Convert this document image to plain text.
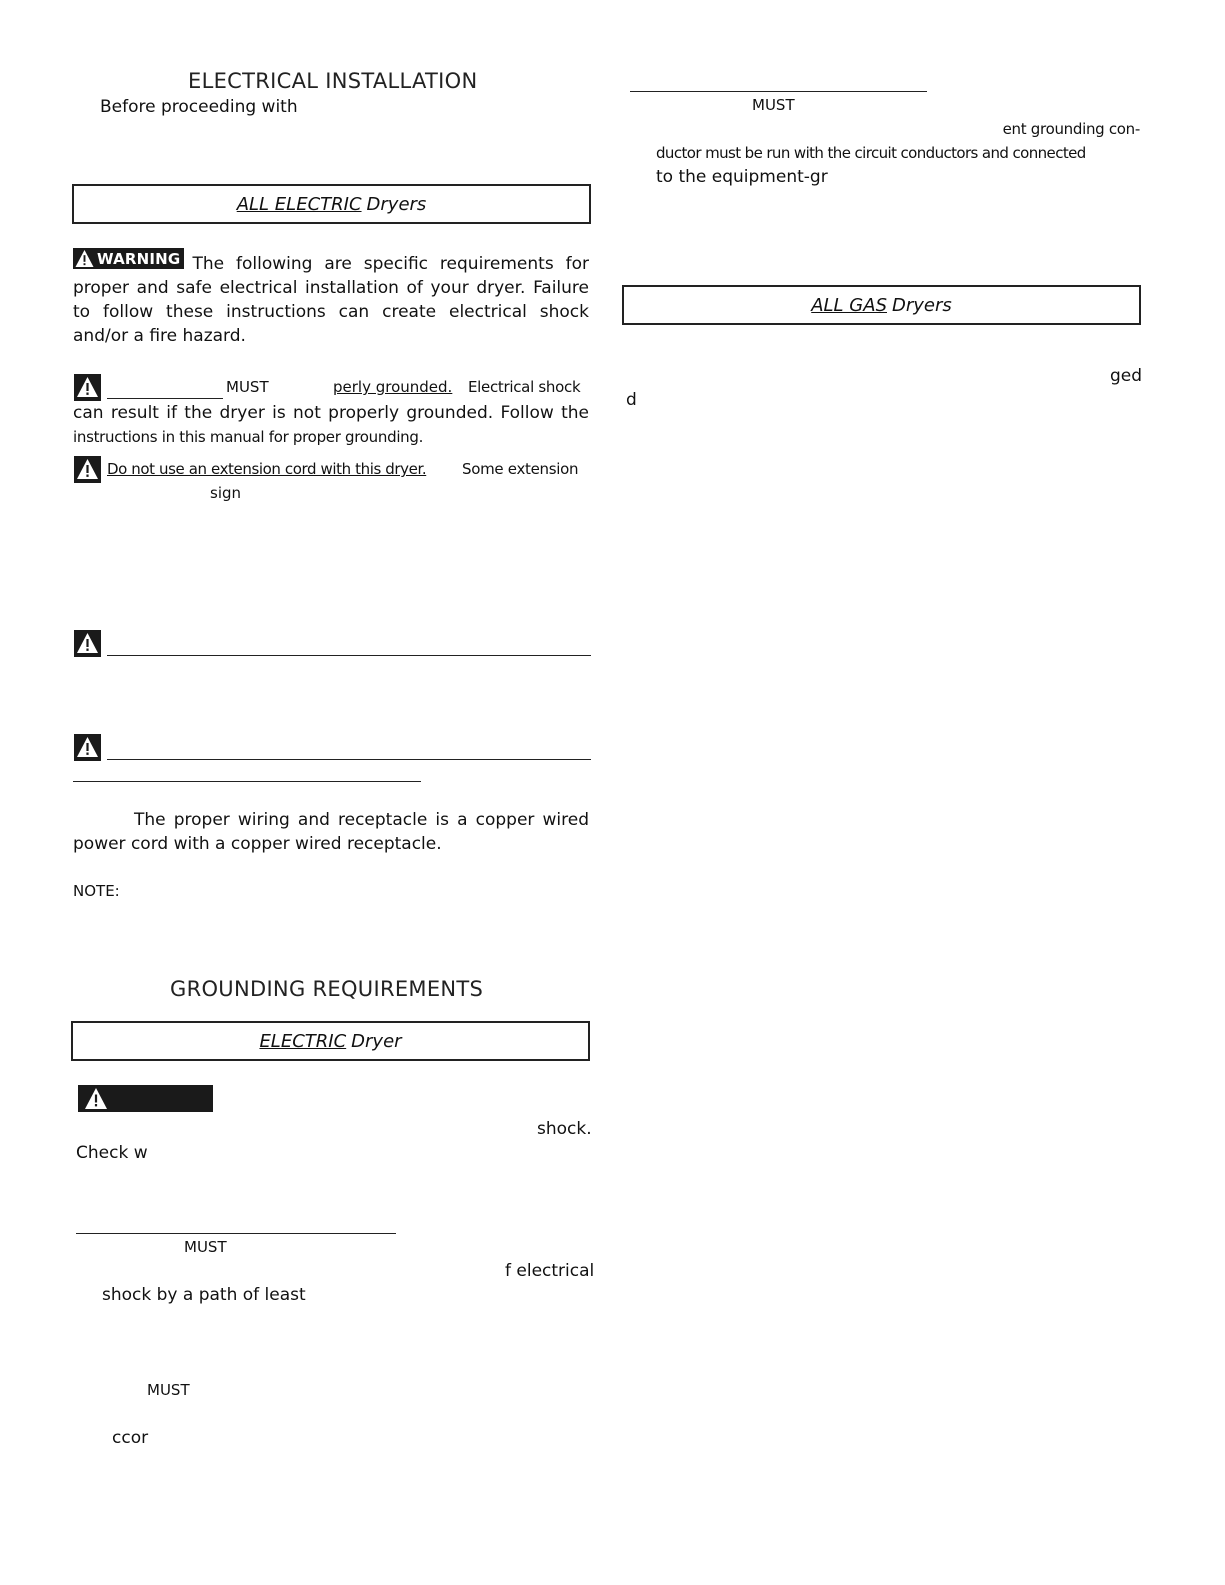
ELECTRICAL INSTALLATION
Before proceeding with
ALL ELECTRIC Dryers
WARNING The following are specific requirements for
proper and safe electrical installation of your dryer. Failure
to follow these instructions can create electrical shock
and/or a fire hazard.
MUST	perly grounded. Electrical shock
can result if the dryer is not properly grounded. Follow the
instructions in this manual for proper grounding.
Do not use an extension cord with this dryer. Some extension
sign
The proper wiring and receptacle is a copper wired
power cord with a copper wired receptacle.
NOTE:
GROUNDING REQUIREMENTS
ELECTRIC Dryer
shock.
Check w
MUST
f electrical
shock by a path of least
MUST
ccor
MUST
ent grounding con-
ductor must be run with the circuit conductors and connected
to the equipment-gr
ALL GAS Dryers
ged
d
